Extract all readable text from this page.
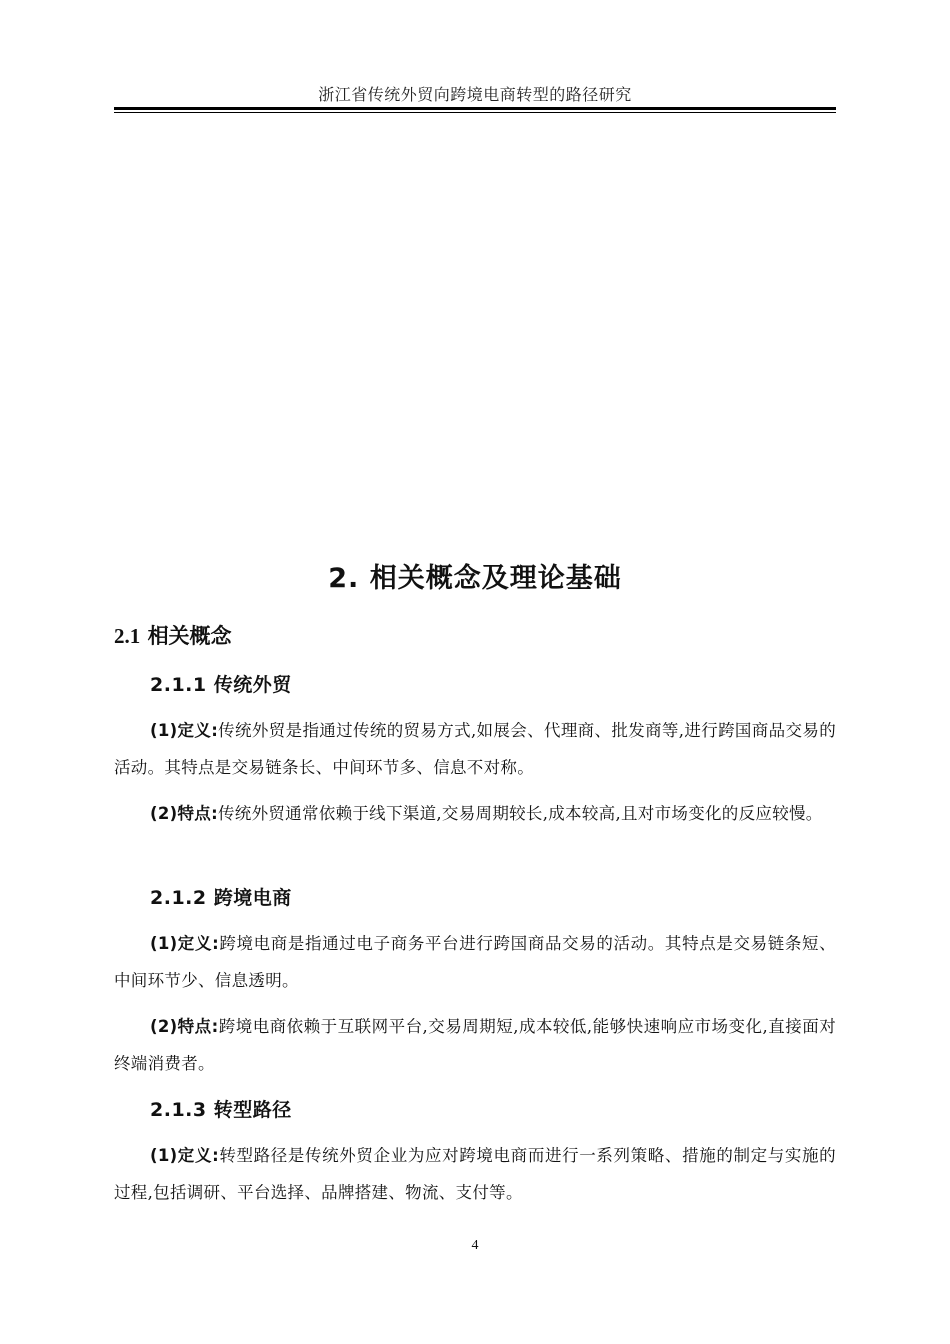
浙江省传统外贸向跨境电商转型的路径研究
2. 相关概念及理论基础
2.1 相关概念
2.1.1 传统外贸
(1)定义:传统外贸是指通过传统的贸易方式,如展会、代理商、批发商等,进行跨国商品交易的活动。其特点是交易链条长、中间环节多、信息不对称。
(2)特点:传统外贸通常依赖于线下渠道,交易周期较长,成本较高,且对市场变化的反应较慢。
2.1.2 跨境电商
(1)定义:跨境电商是指通过电子商务平台进行跨国商品交易的活动。其特点是交易链条短、中间环节少、信息透明。
(2)特点:跨境电商依赖于互联网平台,交易周期短,成本较低,能够快速响应市场变化,直接面对终端消费者。
2.1.3 转型路径
(1)定义:转型路径是传统外贸企业为应对跨境电商而进行一系列策略、措施的制定与实施的过程,包括调研、平台选择、品牌搭建、物流、支付等。
4
